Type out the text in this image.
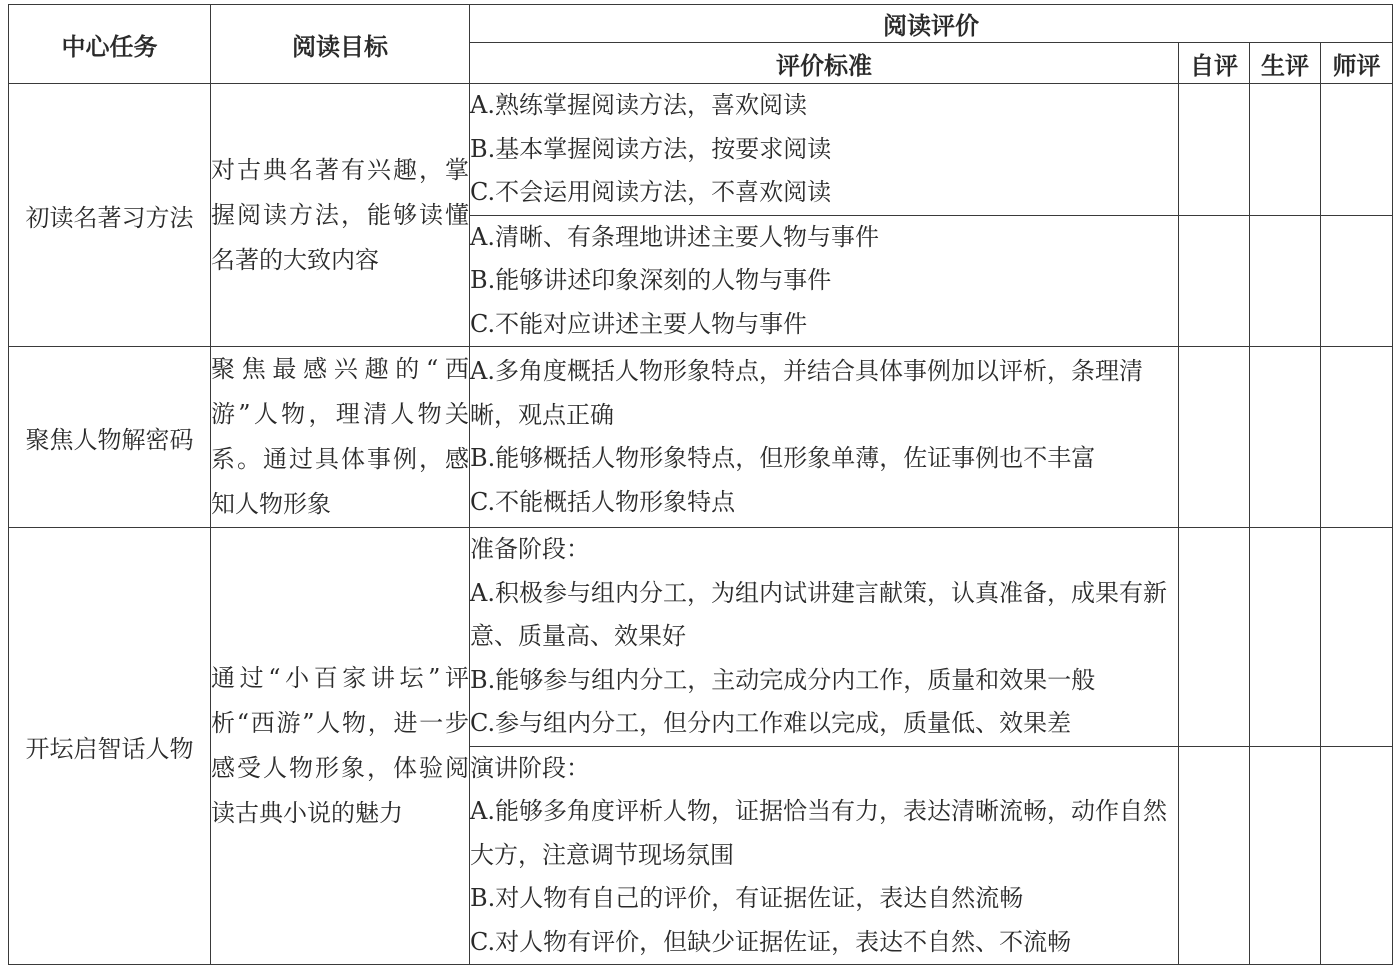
中心任务	阅读目标	阅读评价			
		评价标准	自评	生评	师评
初读名著习方法	对古典名著有兴趣，掌握阅读方法，能够读懂名著的大致内容	A.熟练掌握阅读方法，喜欢阅读
B.基本掌握阅读方法，按要求阅读
C.不会运用阅读方法，不喜欢阅读			

		A.清晰、有条理地讲述主要人物与事件
B.能够讲述印象深刻的人物与事件
C.不能对应讲述主要人物与事件			

聚焦人物解密码	聚焦最感兴趣的“西游”人物，理清人物关系。通过具体事例，感知人物形象	A.多角度概括人物形象特点，并结合具体事例加以评析，条理清晰，观点正确
B.能够概括人物形象特点，但形象单薄，佐证事例也不丰富
C.不能概括人物形象特点			

开坛启智话人物	通过“小百家讲坛”评析“西游”人物，进一步感受人物形象，体验阅读古典小说的魅力	准备阶段：
A.积极参与组内分工，为组内试讲建言献策，认真准备，成果有新意、质量高、效果好
B.能够参与组内分工，主动完成分内工作，质量和效果一般
C.参与组内分工，但分内工作难以完成，质量低、效果差			

		演讲阶段：
A.能够多角度评析人物，证据恰当有力，表达清晰流畅，动作自然大方，注意调节现场氛围
B.对人物有自己的评价，有证据佐证，表达自然流畅
C.对人物有评价，但缺少证据佐证，表达不自然、不流畅			
